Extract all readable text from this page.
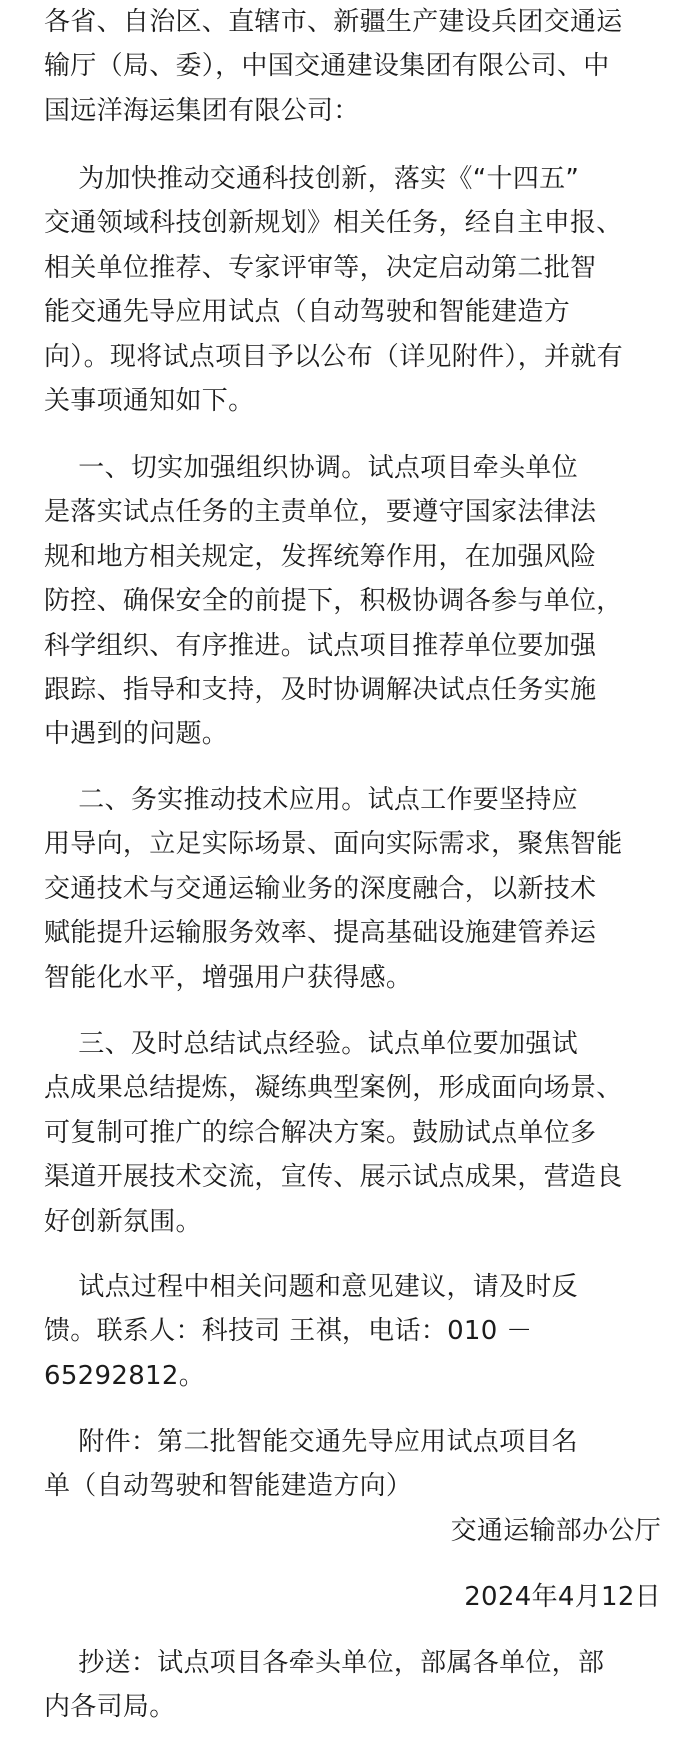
各省、自治区、直辖市、新疆生产建设兵团交通运

输厅（局、委），中国交通建设集团有限公司、中

国远洋海运集团有限公司：

为加快推动交通科技创新，落实《“十四五”

交通领域科技创新规划》相关任务，经自主申报、

相关单位推荐、专家评审等，决定启动第二批智

能交通先导应用试点（自动驾驶和智能建造方

向）。现将试点项目予以公布（详见附件），并就有

关事项通知如下。

一、切实加强组织协调。试点项目牵头单位

是落实试点任务的主责单位，要遵守国家法律法

规和地方相关规定，发挥统筹作用，在加强风险

防控、确保安全的前提下，积极协调各参与单位，

科学组织、有序推进。试点项目推荐单位要加强

跟踪、指导和支持，及时协调解决试点任务实施

中遇到的问题。

二、务实推动技术应用。试点工作要坚持应

用导向，立足实际场景、面向实际需求，聚焦智能

交通技术与交通运输业务的深度融合，以新技术

赋能提升运输服务效率、提高基础设施建管养运

智能化水平，增强用户获得感。

三、及时总结试点经验。试点单位要加强试

点成果总结提炼，凝练典型案例，形成面向场景、

可复制可推广的综合解决方案。鼓励试点单位多

渠道开展技术交流，宣传、展示试点成果，营造良

好创新氛围。

试点过程中相关问题和意见建议，请及时反

馈。联系人：科技司 王祺，电话：010 －

65292812。

附件：第二批智能交通先导应用试点项目名

单（自动驾驶和智能建造方向）

交通运输部办公厅

2024年4月12日

抄送：试点项目各牵头单位，部属各单位，部

内各司局。
